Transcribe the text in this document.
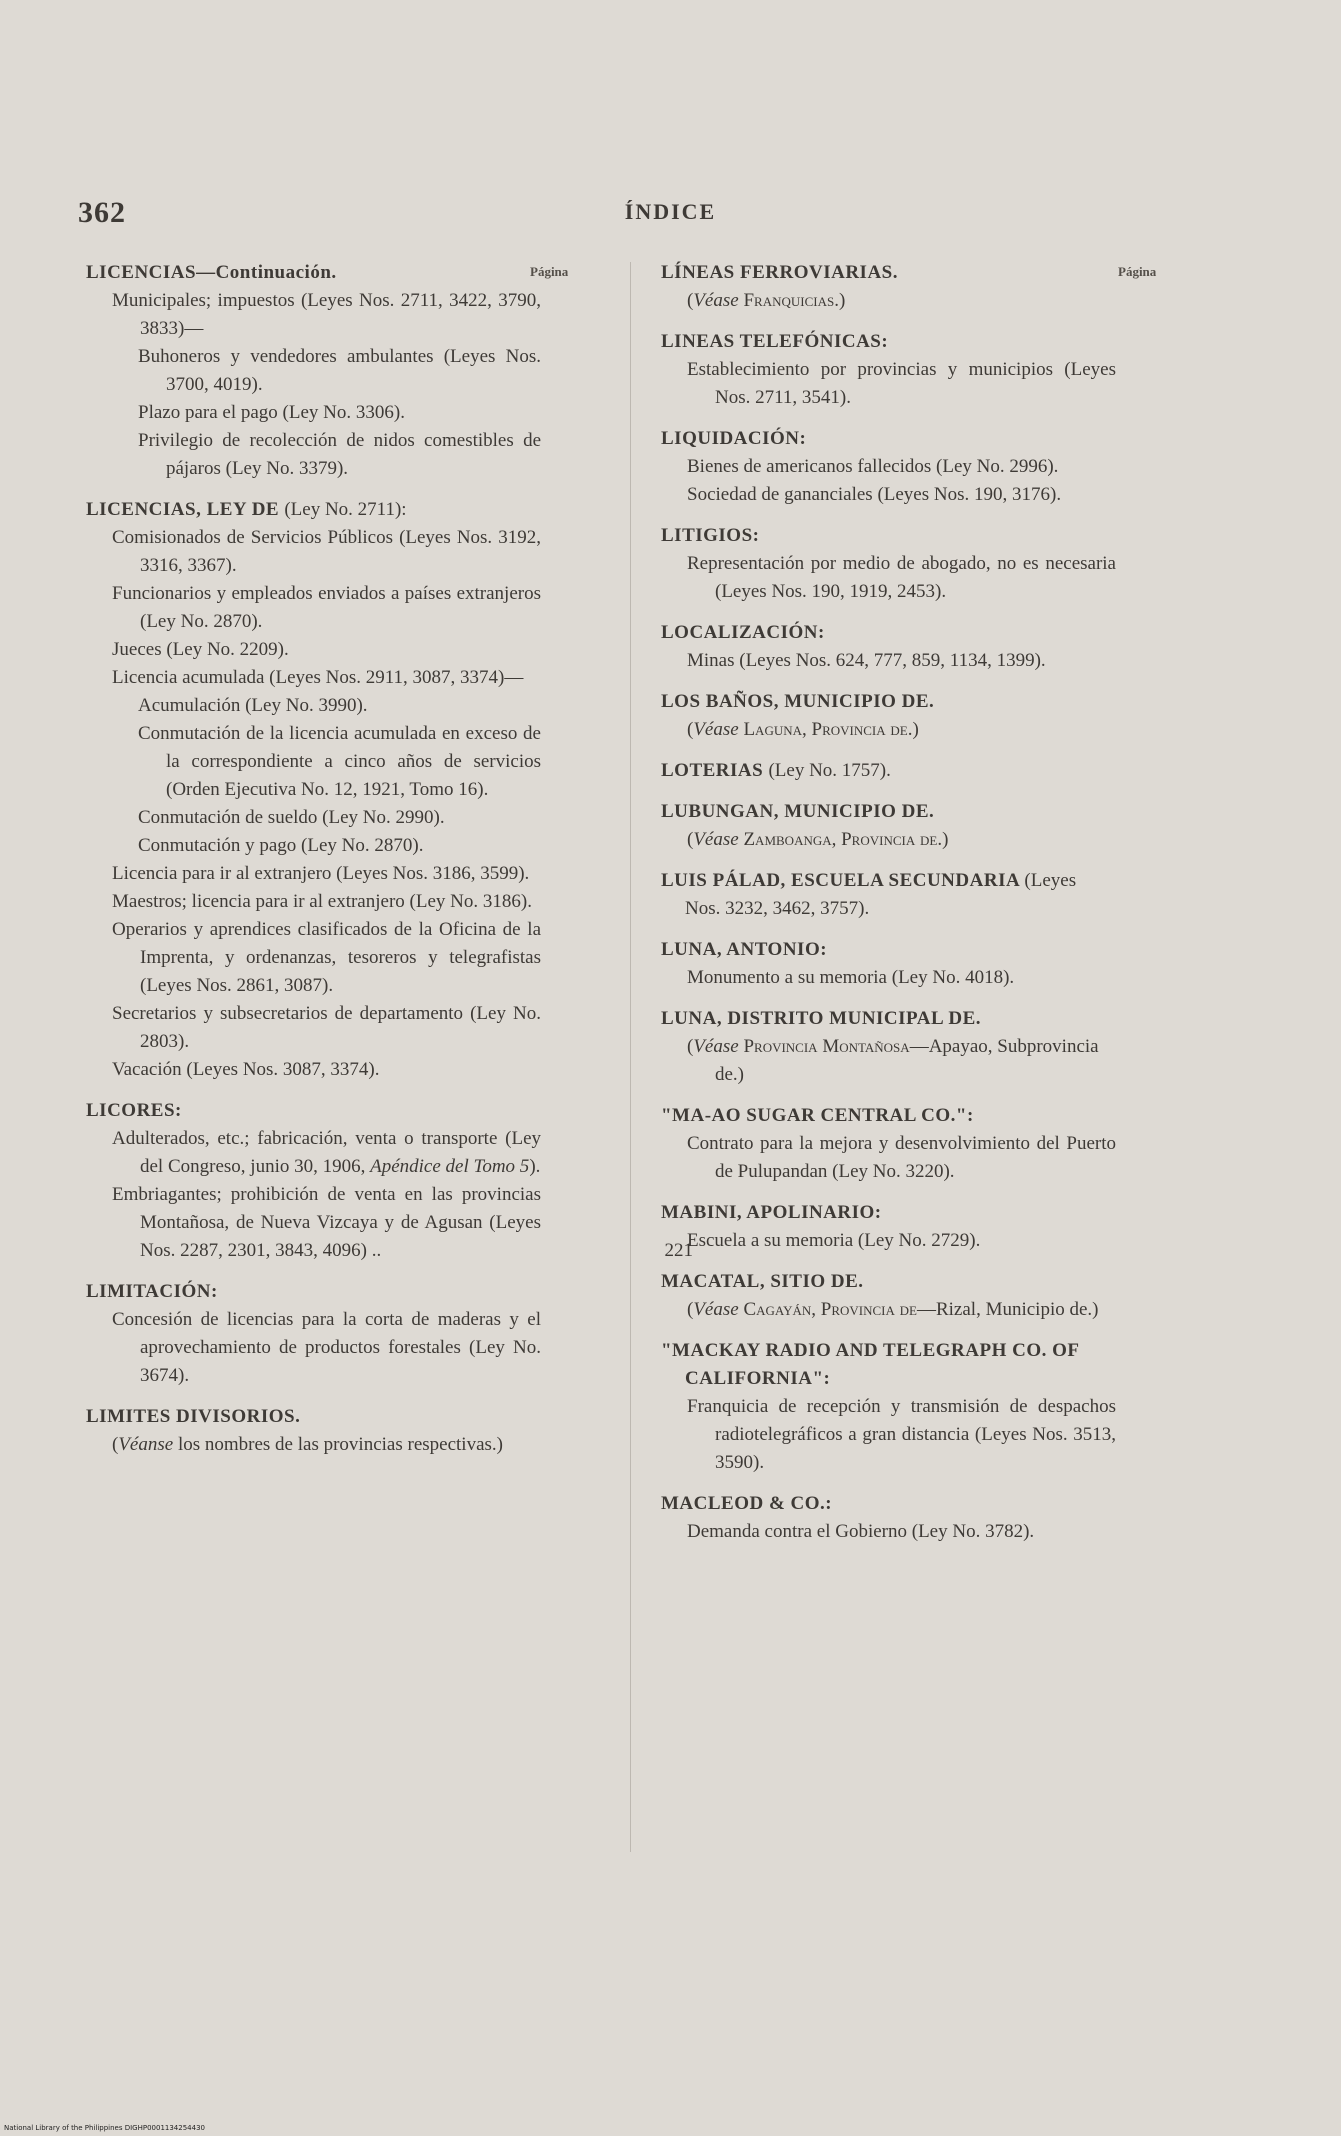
362	ÍNDICE
Página	Página
LICENCIAS—Continuación.
Municipales; impuestos (Leyes Nos. 2711, 3422, 3790, 3833)—
Buhoneros y vendedores ambulantes (Leyes Nos. 3700, 4019).
Plazo para el pago (Ley No. 3306).
Privilegio de recolección de nidos comestibles de pájaros (Ley No. 3379).
LICENCIAS, LEY DE (Ley No. 2711):
Comisionados de Servicios Públicos (Leyes Nos. 3192, 3316, 3367).
Funcionarios y empleados enviados a países extranjeros (Ley No. 2870).
Jueces (Ley No. 2209).
Licencia acumulada (Leyes Nos. 2911, 3087, 3374)—
Acumulación (Ley No. 3990).
Conmutación de la licencia acumulada en exceso de la correspondiente a cinco años de servicios (Orden Ejecutiva No. 12, 1921, Tomo 16).
Conmutación de sueldo (Ley No. 2990).
Conmutación y pago (Ley No. 2870).
Licencia para ir al extranjero (Leyes Nos. 3186, 3599).
Maestros; licencia para ir al extranjero (Ley No. 3186).
Operarios y aprendices clasificados de la Oficina de la Imprenta, y ordenanzas, tesoreros y telegrafistas (Leyes Nos. 2861, 3087).
Secretarios y subsecretarios de departamento (Ley No. 2803).
Vacación (Leyes Nos. 3087, 3374).
LICORES:
Adulterados, etc.; fabricación, venta o transporte (Ley del Congreso, junio 30, 1906, Apéndice del Tomo 5).
Embriagantes; prohibición de venta en las provincias Montañosa, de Nueva Vizcaya y de Agusan (Leyes Nos. 2287, 2301, 3843, 4096) ..	221
LIMITACIÓN:
Concesión de licencias para la corta de maderas y el aprovechamiento de productos forestales (Ley No. 3674).
LIMITES DIVISORIOS.
(Véanse los nombres de las provincias respectivas.)
LÍNEAS FERROVIARIAS.
(Véase Franquicias.)
LINEAS TELEFÓNICAS:
Establecimiento por provincias y municipios (Leyes Nos. 2711, 3541).
LIQUIDACIÓN:
Bienes de americanos fallecidos (Ley No. 2996).
Sociedad de gananciales (Leyes Nos. 190, 3176).
LITIGIOS:
Representación por medio de abogado, no es necesaria (Leyes Nos. 190, 1919, 2453).
LOCALIZACIÓN:
Minas (Leyes Nos. 624, 777, 859, 1134, 1399).
LOS BAÑOS, MUNICIPIO DE.
(Véase Laguna, Provincia de.)
LOTERIAS (Ley No. 1757).
LUBUNGAN, MUNICIPIO DE.
(Véase Zamboanga, Provincia de.)
LUIS PÁLAD, ESCUELA SECUNDARIA (Leyes Nos. 3232, 3462, 3757).
LUNA, ANTONIO:
Monumento a su memoria (Ley No. 4018).
LUNA, DISTRITO MUNICIPAL DE.
(Véase Provincia Montañosa—Apayao, Subprovincia de.)
"MA-AO SUGAR CENTRAL CO.":
Contrato para la mejora y desenvolvimiento del Puerto de Pulupandan (Ley No. 3220).
MABINI, APOLINARIO:
Escuela a su memoria (Ley No. 2729).
MACATAL, SITIO DE.
(Véase Cagayán, Provincia de—Rizal, Municipio de.)
"MACKAY RADIO AND TELEGRAPH CO. OF CALIFORNIA":
Franquicia de recepción y transmisión de despachos radiotelegráficos a gran distancia (Leyes Nos. 3513, 3590).
MACLEOD & CO.:
Demanda contra el Gobierno (Ley No. 3782).
National Library of the Philippines DIGHP0001134254430
